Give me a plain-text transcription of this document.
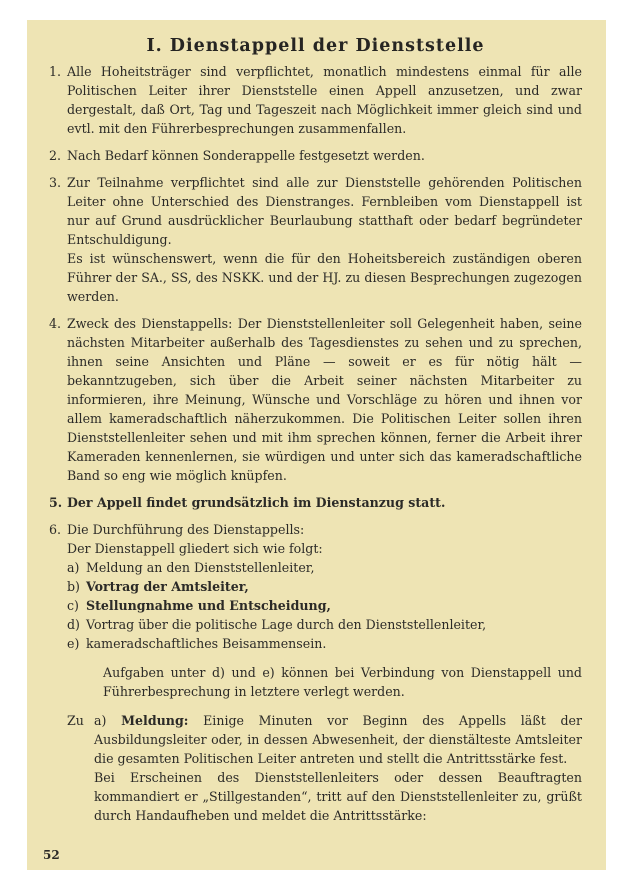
I. Dienstappell der Dienststelle
1. Alle Hoheitsträger sind verpflichtet, monatlich mindestens einmal für alle Politischen Leiter ihrer Dienststelle einen Appell anzusetzen, und zwar dergestalt, daß Ort, Tag und Tageszeit nach Möglichkeit immer gleich sind und evtl. mit den Führerbesprechungen zusammenfallen.
2. Nach Bedarf können Sonderappelle festgesetzt werden.
3. Zur Teilnahme verpflichtet sind alle zur Dienststelle gehörenden Politischen Leiter ohne Unterschied des Dienstranges. Fernbleiben vom Dienstappell ist nur auf Grund ausdrücklicher Beurlaubung statthaft oder bedarf begründeter Entschuldigung.
Es ist wünschenswert, wenn die für den Hoheitsbereich zuständigen oberen Führer der SA., SS, des NSKK. und der HJ. zu diesen Besprechungen zugezogen werden.
4. Zweck des Dienstappells: Der Dienststellenleiter soll Gelegenheit haben, seine nächsten Mitarbeiter außerhalb des Tagesdienstes zu sehen und zu sprechen, ihnen seine Ansichten und Pläne — soweit er es für nötig hält — bekanntzugeben, sich über die Arbeit seiner nächsten Mitarbeiter zu informieren, ihre Meinung, Wünsche und Vorschläge zu hören und ihnen vor allem kameradschaftlich näherzukommen. Die Politischen Leiter sollen ihren Dienststellenleiter sehen und mit ihm sprechen können, ferner die Arbeit ihrer Kameraden kennenlernen, sie würdigen und unter sich das kameradschaftliche Band so eng wie möglich knüpfen.
5. Der Appell findet grundsätzlich im Dienstanzug statt.
6. Die Durchführung des Dienstappells:
Der Dienstappell gliedert sich wie folgt:
a) Meldung an den Dienststellenleiter,
b) Vortrag der Amtsleiter,
c) Stellungnahme und Entscheidung,
d) Vortrag über die politische Lage durch den Dienststellenleiter,
e) kameradschaftliches Beisammensein.
Aufgaben unter d) und e) können bei Verbindung von Dienstappell und Führerbesprechung in letztere verlegt werden.
Zu a) Meldung: Einige Minuten vor Beginn des Appells läßt der Ausbildungsleiter oder, in dessen Abwesenheit, der dienstälteste Amtsleiter die gesamten Politischen Leiter antreten und stellt die Antrittsstärke fest.
Bei Erscheinen des Dienststellenleiters oder dessen Beauftragten kommandiert er „Stillgestanden“, tritt auf den Dienststellenleiter zu, grüßt durch Handaufheben und meldet die Antrittsstärke:
52
